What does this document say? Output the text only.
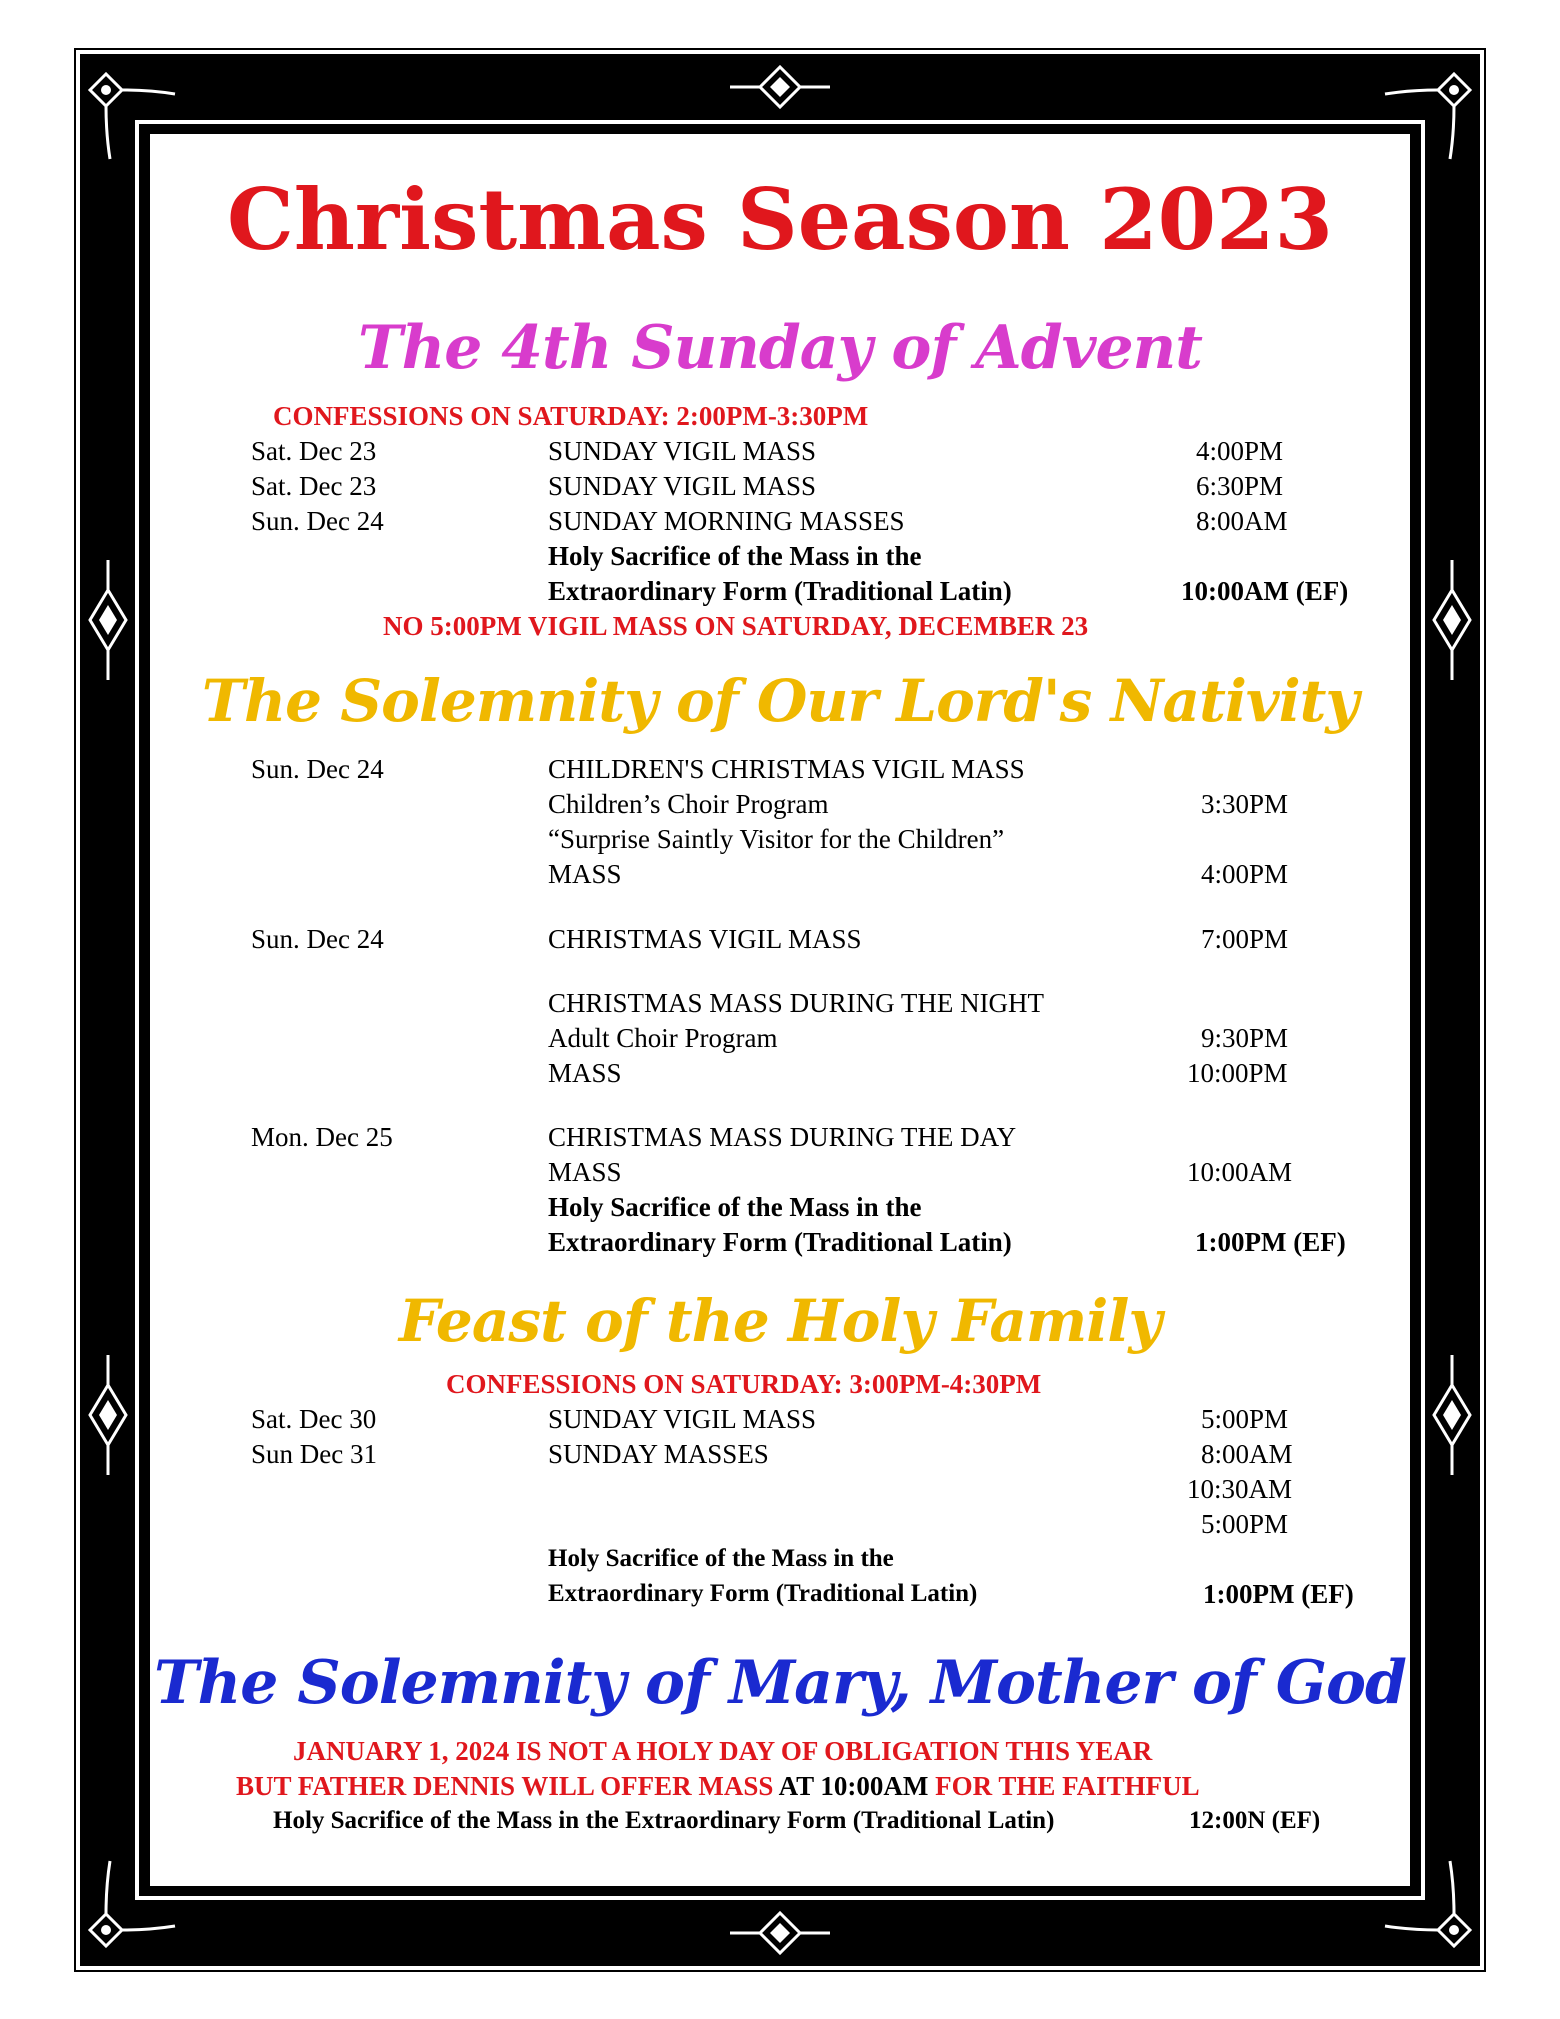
Christmas Season 2023
The 4th Sunday of Advent
CONFESSIONS ON SATURDAY: 2:00PM-3:30PM
Sat. Dec 23	SUNDAY VIGIL MASS	4:00PM
Sat. Dec 23	SUNDAY VIGIL MASS	6:30PM
Sun. Dec 24	SUNDAY MORNING MASSES	8:00AM
Holy Sacrifice of the Mass in the
Extraordinary Form (Traditional Latin)	10:00AM (EF)
NO 5:00PM VIGIL MASS ON SATURDAY, DECEMBER 23
The Solemnity of Our Lord's Nativity
Sun. Dec 24	CHILDREN'S CHRISTMAS VIGIL MASS
Children’s Choir Program	3:30PM
“Surprise Saintly Visitor for the Children”
MASS	4:00PM
Sun. Dec 24	CHRISTMAS VIGIL MASS	7:00PM
CHRISTMAS MASS DURING THE NIGHT
Adult Choir Program	9:30PM
MASS	10:00PM
Mon. Dec 25	CHRISTMAS MASS DURING THE DAY
MASS	10:00AM
Holy Sacrifice of the Mass in the
Extraordinary Form (Traditional Latin)	1:00PM (EF)
Feast of the Holy Family
CONFESSIONS ON SATURDAY: 3:00PM-4:30PM
Sat. Dec 30	SUNDAY VIGIL MASS	5:00PM
Sun Dec 31	SUNDAY MASSES	8:00AM
10:30AM
5:00PM
Holy Sacrifice of the Mass in the
Extraordinary Form (Traditional Latin)	1:00PM (EF)
The Solemnity of Mary, Mother of God
JANUARY 1, 2024 IS NOT A HOLY DAY OF OBLIGATION THIS YEAR
BUT FATHER DENNIS WILL OFFER MASS AT 10:00AM FOR THE FAITHFUL
Holy Sacrifice of the Mass in the Extraordinary Form (Traditional Latin)	12:00N (EF)
